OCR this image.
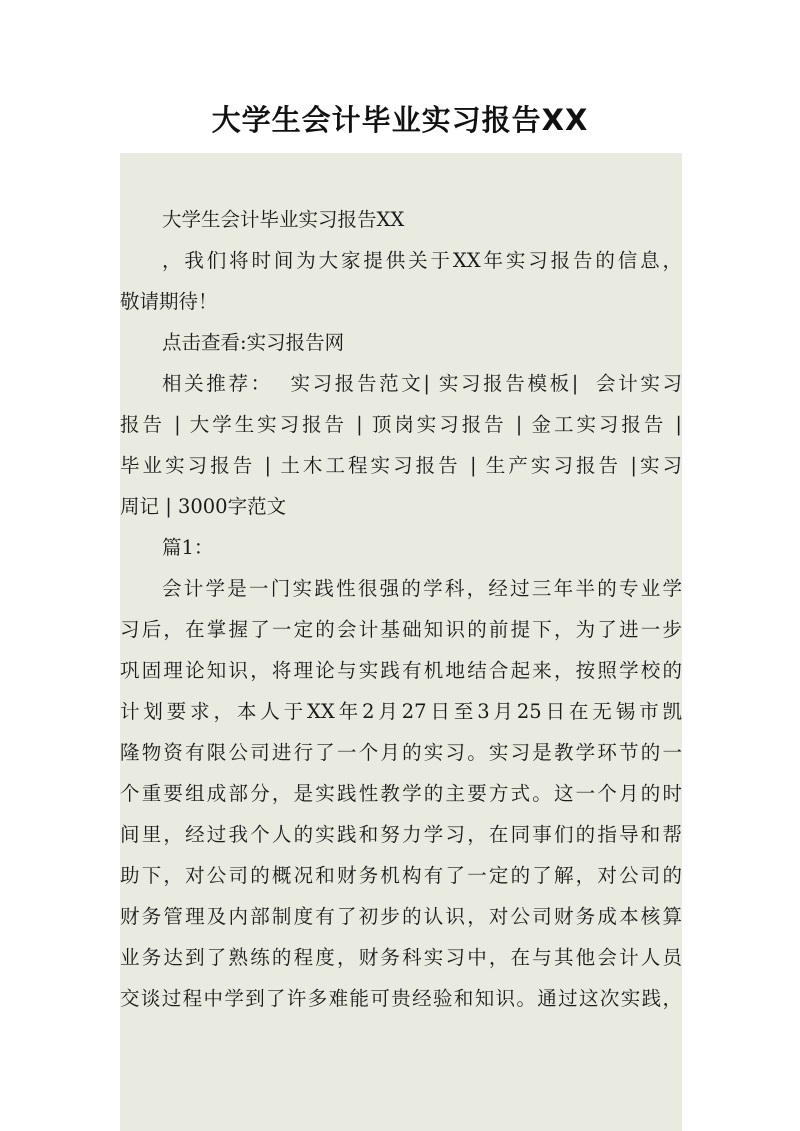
大学生会计毕业实习报告XX
大学生会计毕业实习报告XX
，我们将时间为大家提供关于XX年实习报告的信息，
敬请期待！
点击查看:实习报告网
相关推荐：  实习报告范文| 实习报告模板|  会计实习
报告 | 大学生实习报告 | 顶岗实习报告 | 金工实习报告 |
毕业实习报告 | 土木工程实习报告 | 生产实习报告 |实习
周记 | 3000字范文
篇1：
会计学是一门实践性很强的学科，经过三年半的专业学
习后，在掌握了一定的会计基础知识的前提下，为了进一步
巩固理论知识，将理论与实践有机地结合起来，按照学校的
计划要求，本人于XX年2月27日至3月25日在无锡市凯
隆物资有限公司进行了一个月的实习。实习是教学环节的一
个重要组成部分，是实践性教学的主要方式。这一个月的时
间里，经过我个人的实践和努力学习，在同事们的指导和帮
助下，对公司的概况和财务机构有了一定的了解，对公司的
财务管理及内部制度有了初步的认识，对公司财务成本核算
业务达到了熟练的程度，财务科实习中，在与其他会计人员
交谈过程中学到了许多难能可贵经验和知识。通过这次实践，
